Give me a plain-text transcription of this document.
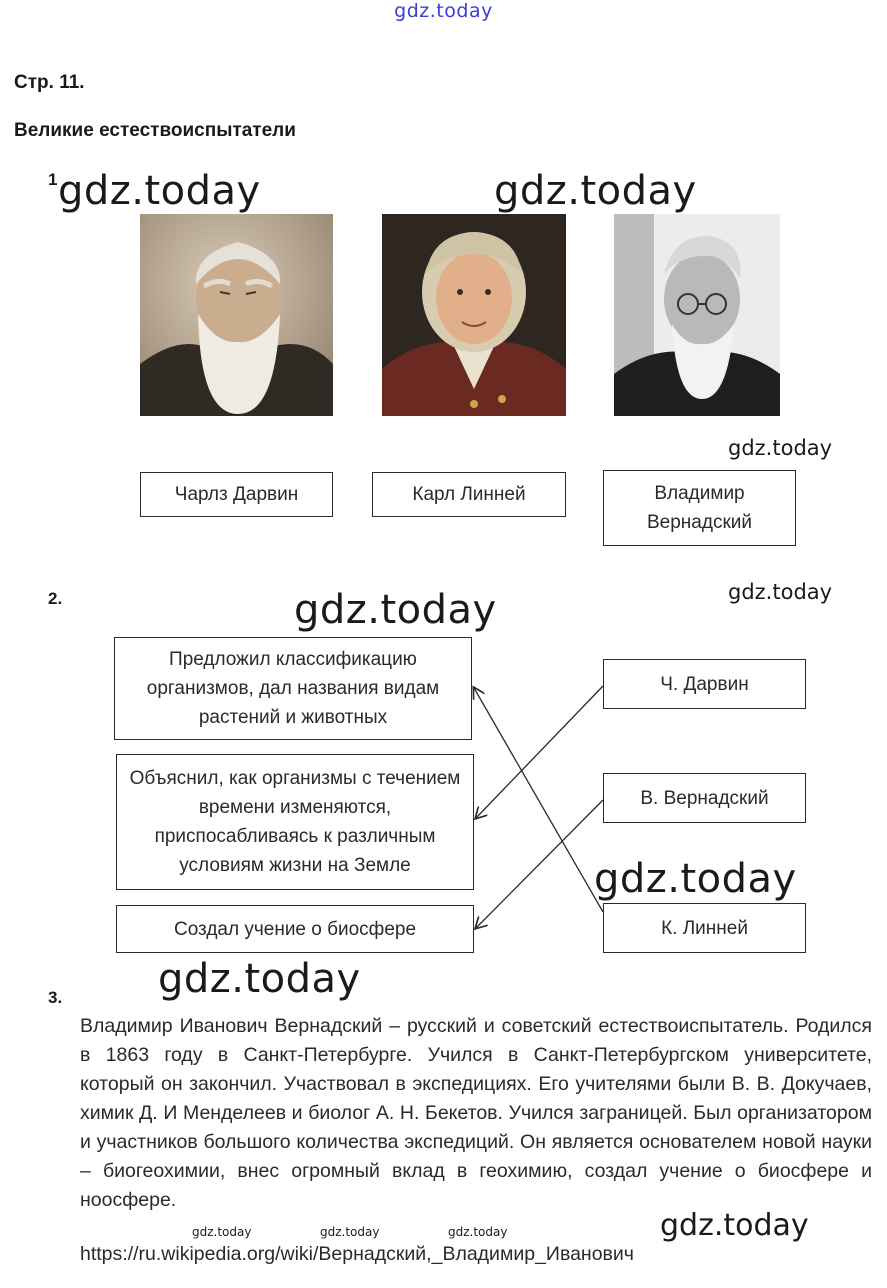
gdz.today
Стр. 11.
Великие естествоиспытатели
1 gdz.today	gdz.today
gdz.today
Чарлз Дарвин	Карл Линней	Владимир Вернадский
2.	gdz.today	gdz.today
Предложил классификацию организмов, дал названия видам растений и животных
Объяснил, как организмы с течением времени изменяются, приспосабливаясь к различным условиям жизни на Земле
Создал учение о биосфере
Ч. Дарвин
В. Вернадский
К. Линней
gdz.today
gdz.today
3.
Владимир Иванович Вернадский – русский и советский естествоиспытатель. Родился в 1863 году в Санкт-Петербурге. Учился в Санкт-Петербургском университете, который он закончил. Участвовал в экспедициях. Его учителями были В. В. Докучаев, химик Д. И Менделеев и биолог А. Н. Бекетов. Учился заграницей. Был организатором и участников большого количества экспедиций. Он является основателем новой науки – биогеохимии, внес огромный вклад в геохимию, создал учение о биосфере и ноосфере.
gdz.today	gdz.today	gdz.today	gdz.today
https://ru.wikipedia.org/wiki/Вернадский,_Владимир_Иванович
